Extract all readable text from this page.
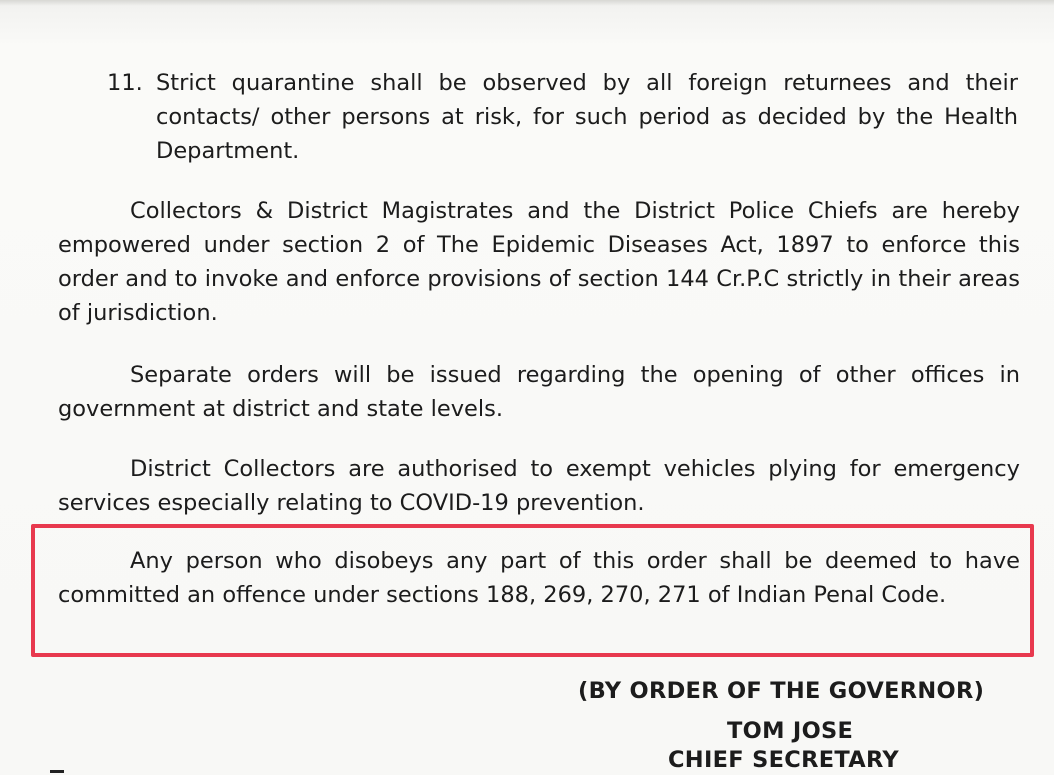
11. Strict quarantine shall be observed by all foreign returnees and their contacts/ other persons at risk, for such period as decided by the Health Department.

Collectors & District Magistrates and the District Police Chiefs are hereby empowered under section 2 of The Epidemic Diseases Act, 1897 to enforce this order and to invoke and enforce provisions of section 144 Cr.P.C strictly in their areas of jurisdiction.

Separate orders will be issued regarding the opening of other offices in government at district and state levels.

District Collectors are authorised to exempt vehicles plying for emergency services especially relating to COVID-19 prevention.

Any person who disobeys any part of this order shall be deemed to have committed an offence under sections 188, 269, 270, 271 of Indian Penal Code.

(BY ORDER OF THE GOVERNOR)
TOM JOSE
CHIEF SECRETARY
